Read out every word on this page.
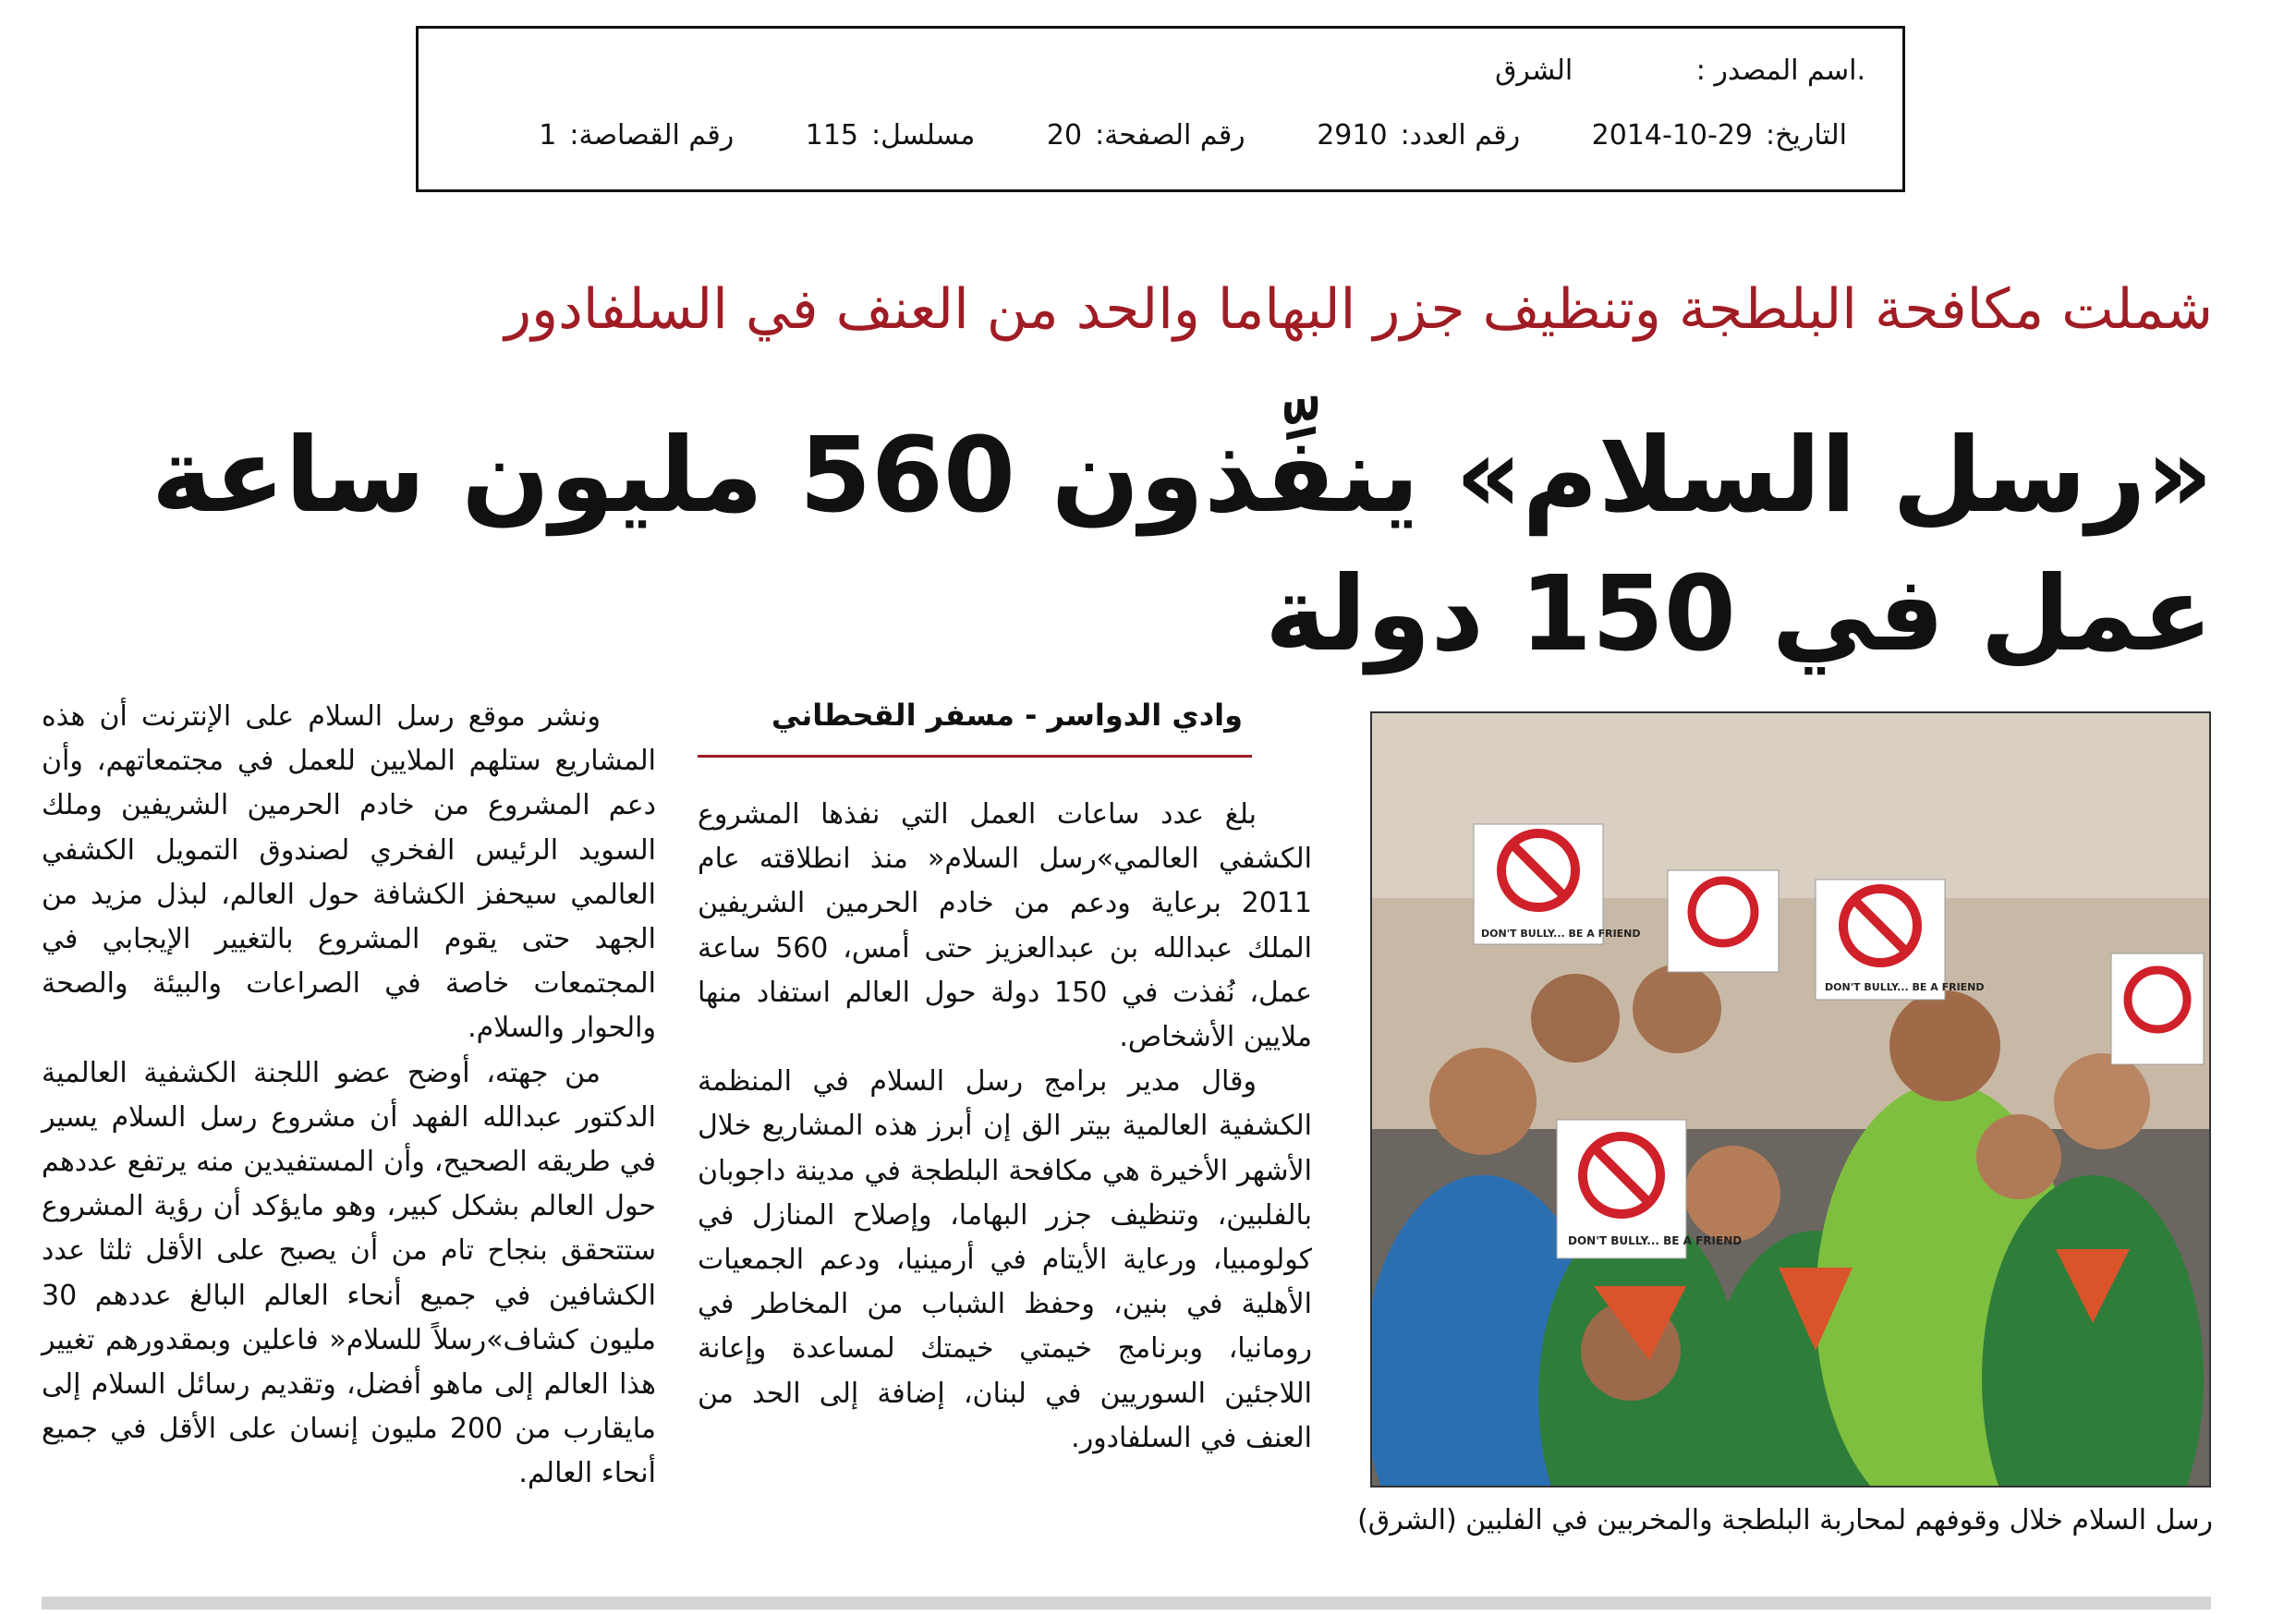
.اسم المصدر : الشرق
التاريخ:29-10-2014 رقم العدد:2910 رقم الصفحة:20 مسلسل:115 رقم القصاصة:1
شملت مكافحة البلطجة وتنظيف جزر البهاما والحد من العنف في السلفادور
«رسل السلام» ينفِّذون 560 مليون ساعة عمل في 150 دولة
وادي الدواسر - مسفر القحطاني

بلغ عدد ساعات العمل التي نفذها المشروع الكشفي العالمي»رسل السلام« منذ انطلاقته عام 2011 برعاية ودعم من خادم الحرمين الشريفين الملك عبدالله بن عبدالعزيز حتى أمس، 560 ساعة عمل، نُفذت في 150 دولة حول العالم استفاد منها ملايين الأشخاص.

وقال مدير برامج رسل السلام في المنظمة الكشفية العالمية بيتر الق إن أبرز هذه المشاريع خلال الأشهر الأخيرة هي مكافحة البلطجة في مدينة داجوبان بالفلبين، وتنظيف جزر البهاما، وإصلاح المنازل في كولومبيا، ورعاية الأيتام في أرمينيا، ودعم الجمعيات الأهلية في بنين، وحفظ الشباب من المخاطر في رومانيا، وبرنامج خيمتي خيمتك لمساعدة وإعانة اللاجئين السوريين في لبنان، إضافة إلى الحد من العنف في السلفادور.

ونشر موقع رسل السلام على الإنترنت أن هذه المشاريع ستلهم الملايين للعمل في مجتمعاتهم، وأن دعم المشروع من خادم الحرمين الشريفين وملك السويد الرئيس الفخري لصندوق التمويل الكشفي العالمي سيحفز الكشافة حول العالم، لبذل مزيد من الجهد حتى يقوم المشروع بالتغيير الإيجابي في المجتمعات خاصة في الصراعات والبيئة والصحة والحوار والسلام.

من جهته، أوضح عضو اللجنة الكشفية العالمية الدكتور عبدالله الفهد أن مشروع رسل السلام يسير في طريقه الصحيح، وأن المستفيدين منه يرتفع عددهم حول العالم بشكل كبير، وهو مايؤكد أن رؤية المشروع ستتحقق بنجاح تام من أن يصبح على الأقل ثلثا عدد الكشافين في جميع أنحاء العالم البالغ عددهم 30 مليون كشاف»رسلاً للسلام« فاعلين وبمقدورهم تغيير هذا العالم إلى ماهو أفضل، وتقديم رسائل السلام إلى مايقارب من 200 مليون إنسان على الأقل في جميع أنحاء العالم.

DON'T BULLY... BE A FRIEND
DON'T BULLY... BE A FRIEND
DON'T BULLY... BE A FRIEND
رسل السلام خلال وقوفهم لمحاربة البلطجة والمخربين في الفلبين (الشرق)
